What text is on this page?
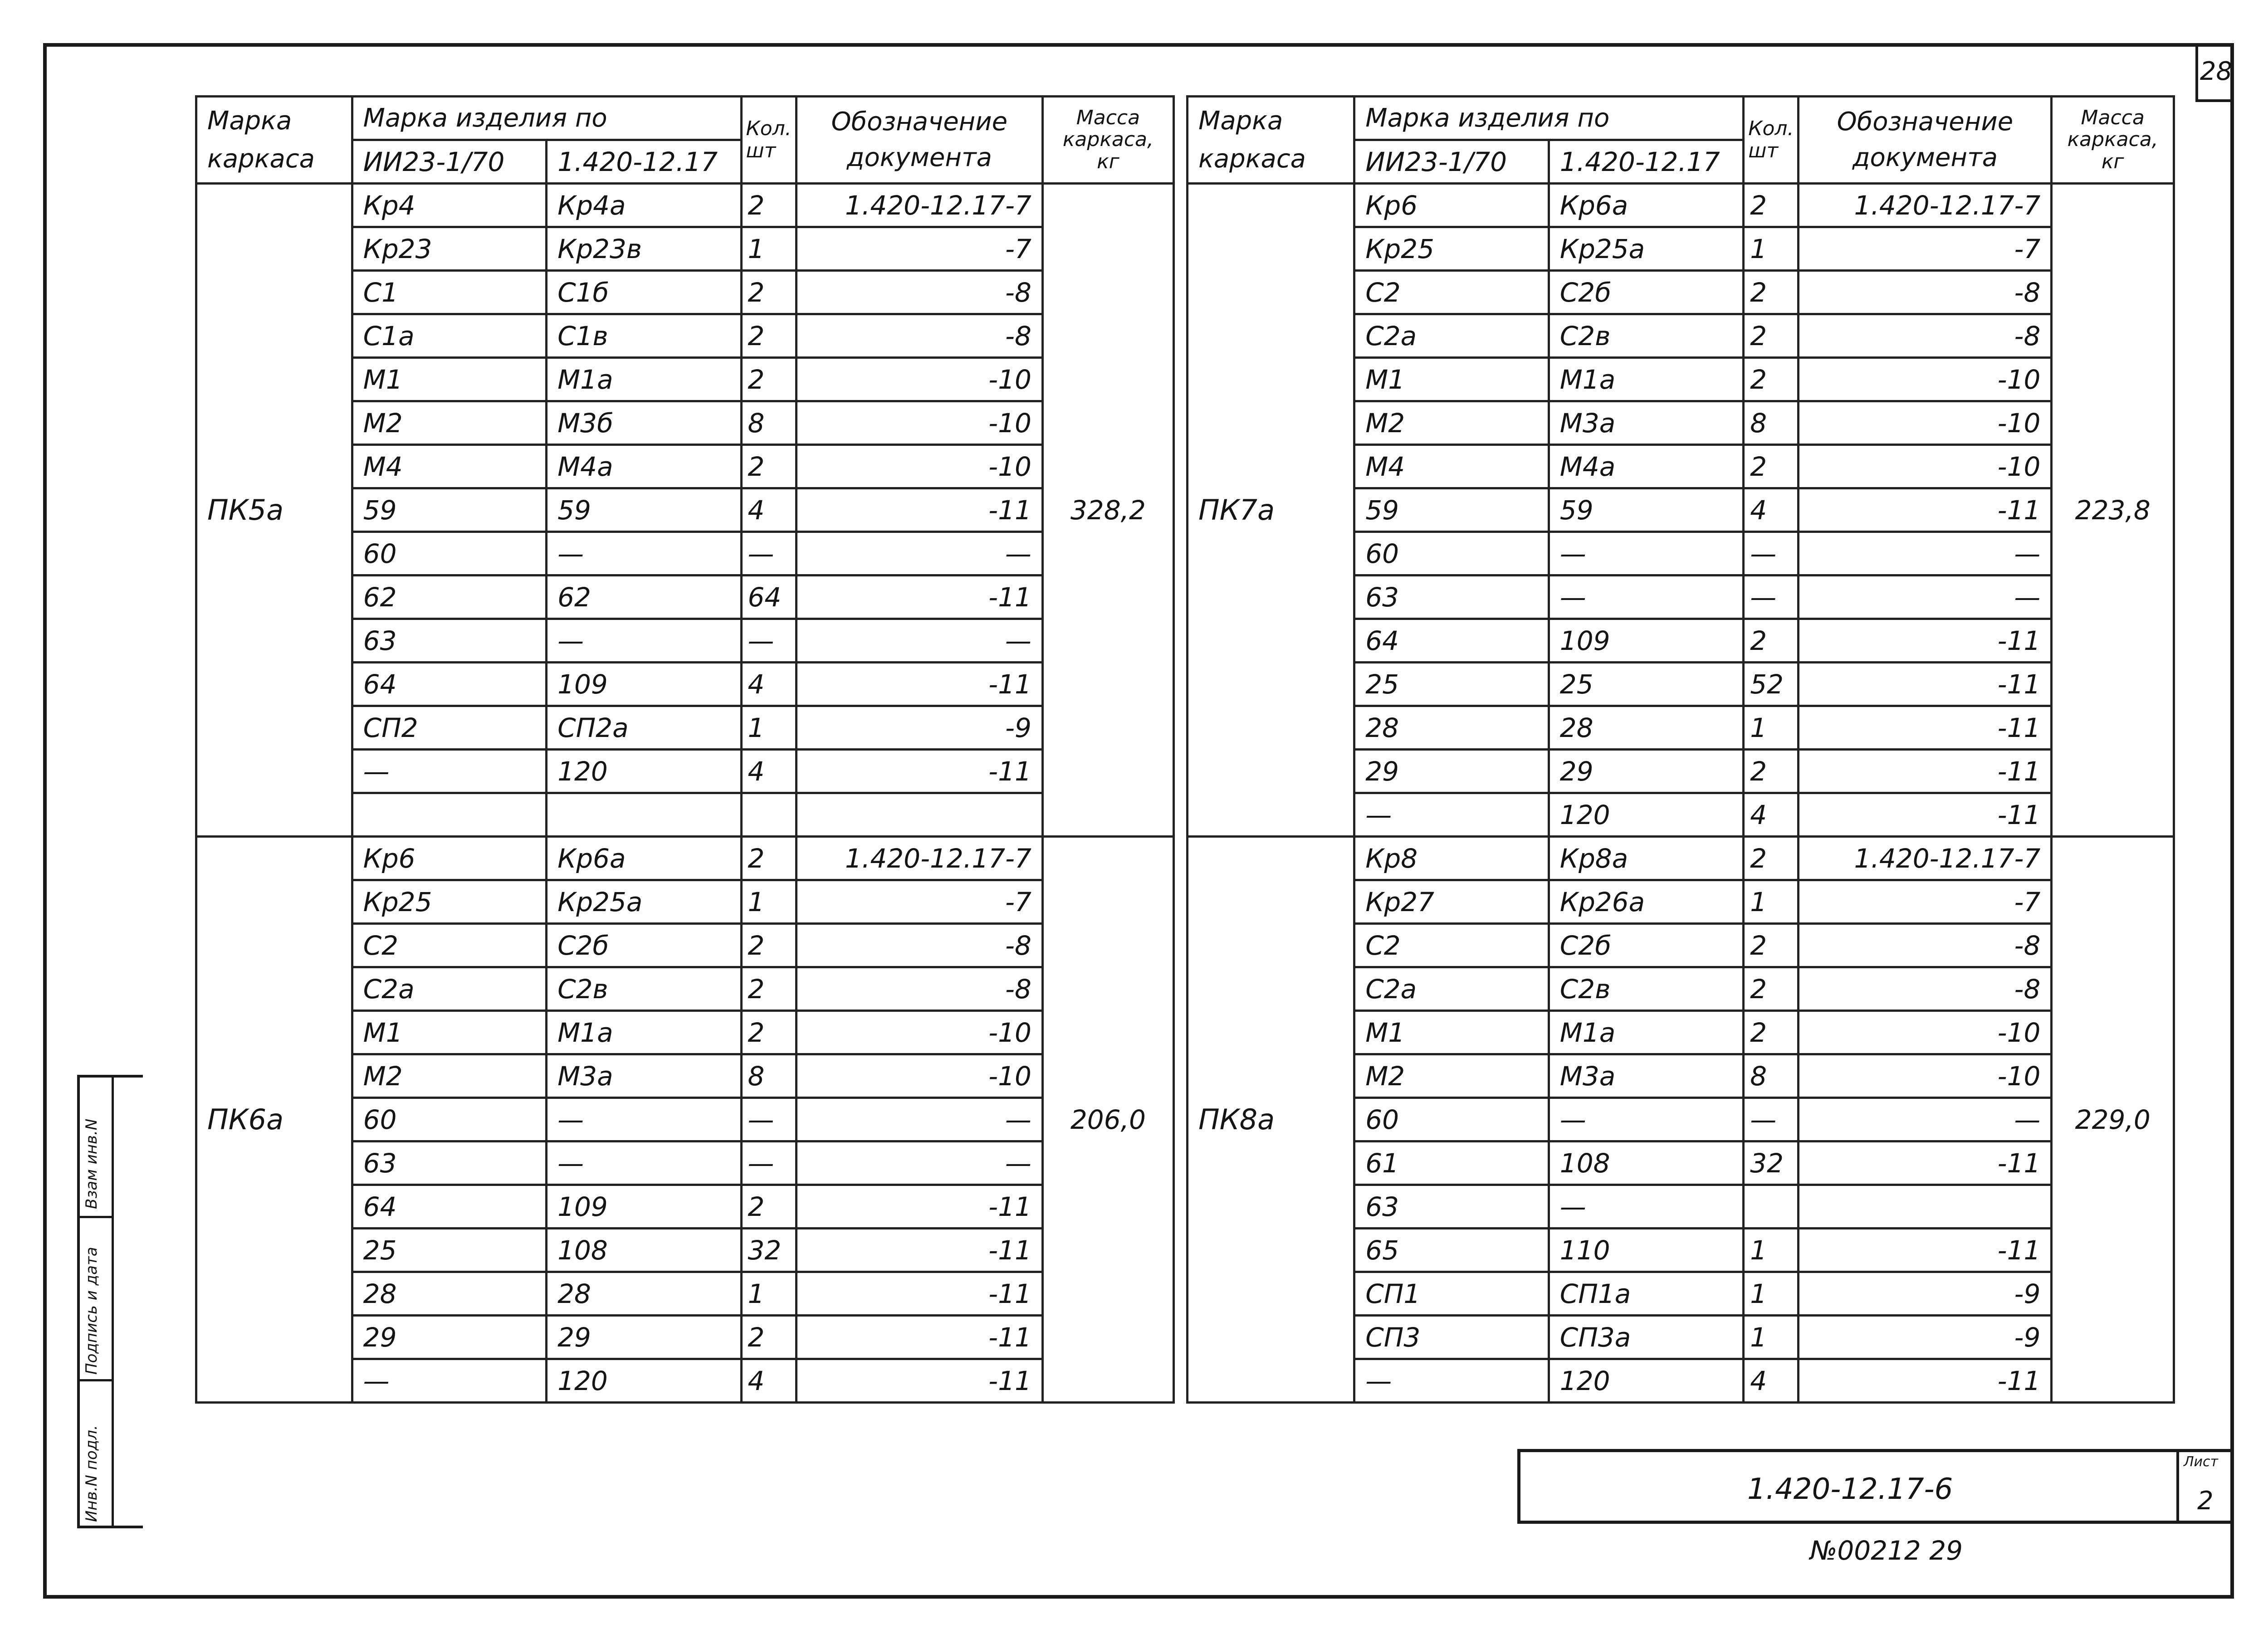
28
Взам инв.N
Подпись и дата
Инв.N подл.
Марка каркаса	Марка изделия по		Кол. шт	Обозначение документа	Масса каркаса, кг
	ИИ23-1/70	1.420-12.17			
ПК5а	Кр4	Кр4а	2	1.420-12.17-7	328,2
	Кр23	Кр23в	1	-7	
	С1	С1б	2	-8	
	С1а	С1в	2	-8	
	М1	М1а	2	-10	
	М2	М3б	8	-10	
	М4	М4а	2	-10	
	59	59	4	-11	
	60	—	—	—	
	62	62	64	-11	
	63	—	—	—	
	64	109	4	-11	
	СП2	СП2а	1	-9	
	—	120	4	-11	

ПК6а	Кр6	Кр6а	2	1.420-12.17-7	206,0
	Кр25	Кр25а	1	-7	
	С2	С2б	2	-8	
	С2а	С2в	2	-8	
	М1	М1а	2	-10	
	М2	М3а	8	-10	
	60	—	—	—	
	63	—	—	—	
	64	109	2	-11	
	25	108	32	-11	
	28	28	1	-11	
	29	29	2	-11	
	—	120	4	-11	
Марка каркаса	Марка изделия по		Кол. шт	Обозначение документа	Масса каркаса, кг
	ИИ23-1/70	1.420-12.17			
ПК7а	Кр6	Кр6а	2	1.420-12.17-7	223,8
	Кр25	Кр25а	1	-7	
	С2	С2б	2	-8	
	С2а	С2в	2	-8	
	М1	М1а	2	-10	
	М2	М3а	8	-10	
	М4	М4а	2	-10	
	59	59	4	-11	
	60	—	—	—	
	63	—	—	—	
	64	109	2	-11	
	25	25	52	-11	
	28	28	1	-11	
	29	29	2	-11	
	—	120	4	-11	
ПК8а	Кр8	Кр8а	2	1.420-12.17-7	229,0
	Кр27	Кр26а	1	-7	
	С2	С2б	2	-8	
	С2а	С2в	2	-8	
	М1	М1а	2	-10	
	М2	М3а	8	-10	
	60	—	—	—	
	61	108	32	-11	
	63	—			
	65	110	1	-11	
	СП1	СП1а	1	-9	
	СП3	СП3а	1	-9	
	—	120	4	-11	
1.420-12.17-6
Лист
2
№00212 29
